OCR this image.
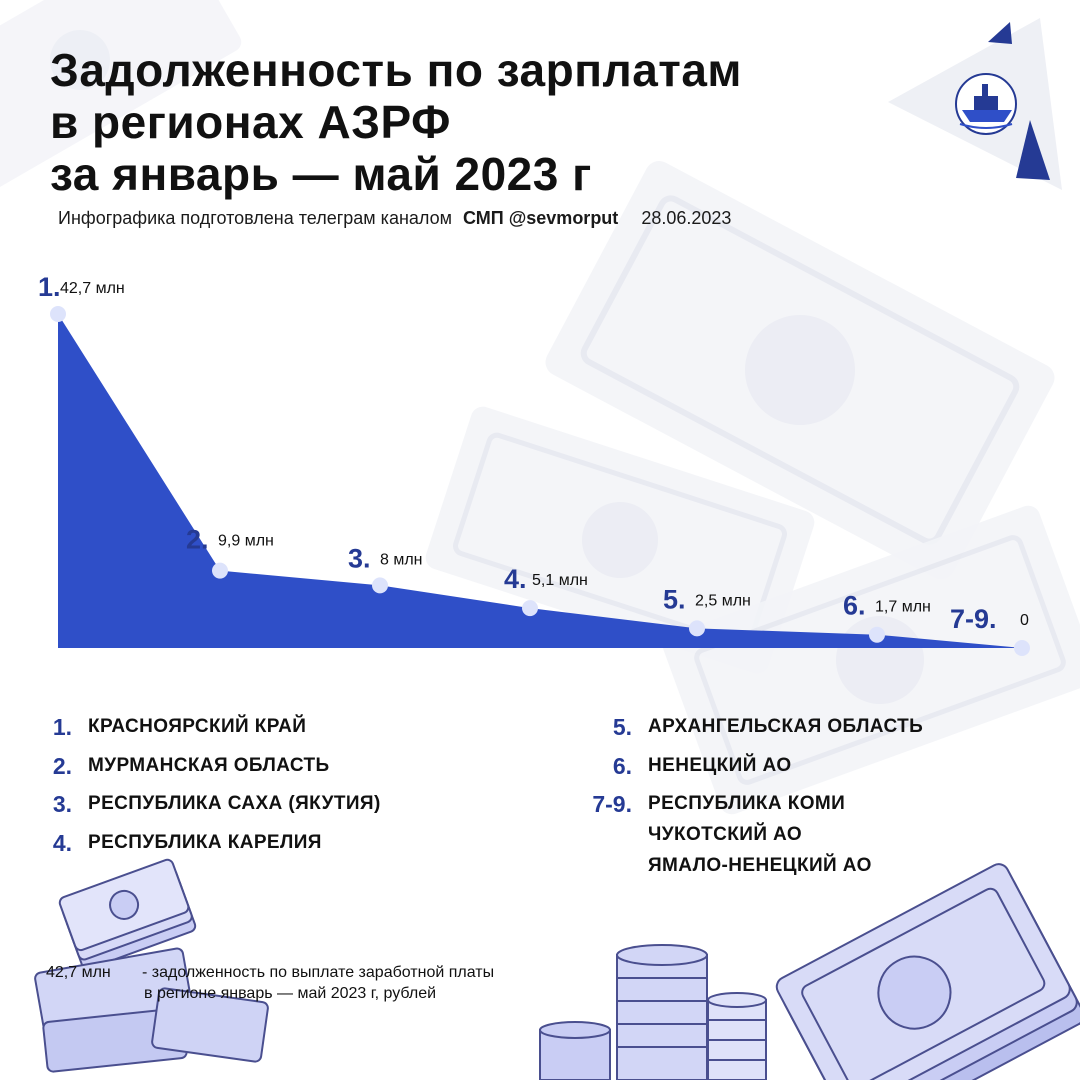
Задолженность по зарплатам
в регионах АЗРФ
за январь — май 2023 г
Инфографика подготовлена телеграм каналом СМП @sevmorput 28.06.2023
1. 42,7 млн
2. 9,9 млн
3. 8 млн
4. 5,1 млн
5. 2,5 млн	6. 1,7 млн 7-9. 0
1. КРАСНОЯРСКИЙ КРАЙ
2. МУРМАНСКАЯ ОБЛАСТЬ
3. РЕСПУБЛИКА САХА (ЯКУТИЯ)
4. РЕСПУБЛИКА КАРЕЛИЯ
5. АРХАНГЕЛЬСКАЯ ОБЛАСТЬ
6. НЕНЕЦКИЙ АО
7-9. РЕСПУБЛИКА КОМИ
ЧУКОТСКИЙ АО
ЯМАЛО-НЕНЕЦКИЙ АО
42,7 млн - задолженность по выплате заработной платы
в регионе январь — май 2023 г, рублей
